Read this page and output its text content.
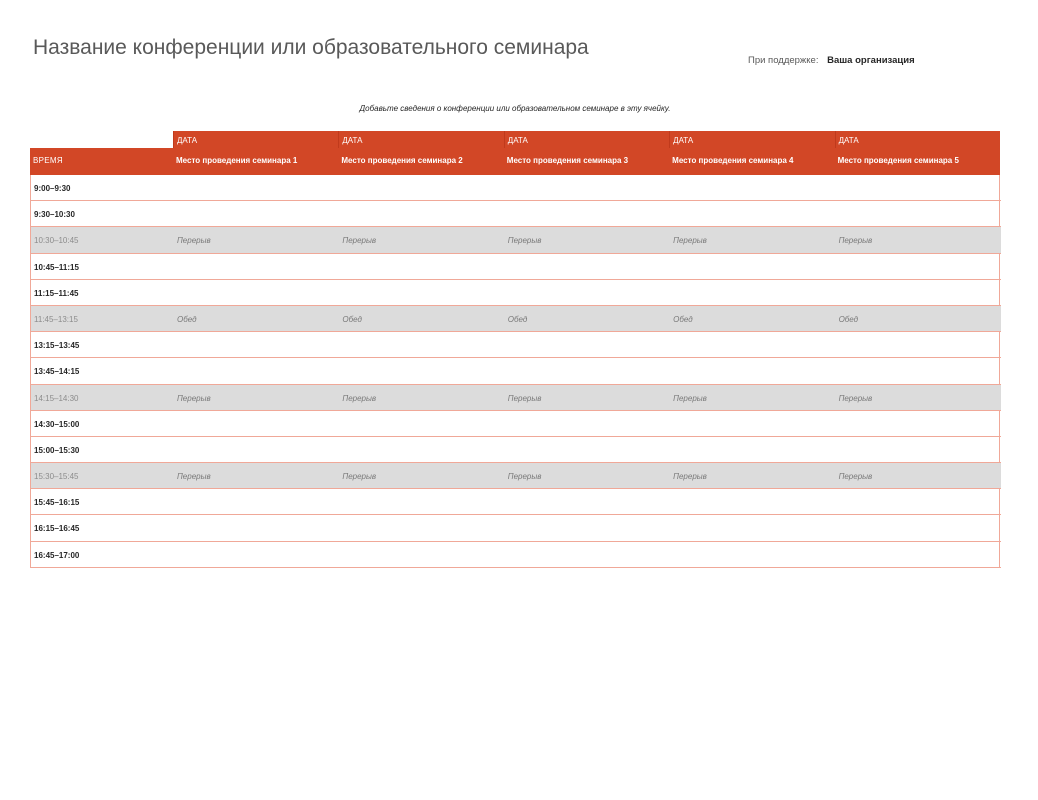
Название конференции или образовательного семинара
При поддержке: Ваша организация
Добавьте сведения о конференции или образовательном семинаре в эту ячейку.
ДАТА	ДАТА	ДАТА	ДАТА	ДАТА
ВРЕМЯ	Место проведения семинара 1	Место проведения семинара 2	Место проведения семинара 3	Место проведения семинара 4	Место проведения семинара 5
9:00–9:30
9:30–10:30
10:30–10:45	Перерыв	Перерыв	Перерыв	Перерыв	Перерыв
10:45–11:15
11:15–11:45
11:45–13:15	Обед	Обед	Обед	Обед	Обед
13:15–13:45
13:45–14:15
14:15–14:30	Перерыв	Перерыв	Перерыв	Перерыв	Перерыв
14:30–15:00
15:00–15:30
15:30–15:45	Перерыв	Перерыв	Перерыв	Перерыв	Перерыв
15:45–16:15
16:15–16:45
16:45–17:00
